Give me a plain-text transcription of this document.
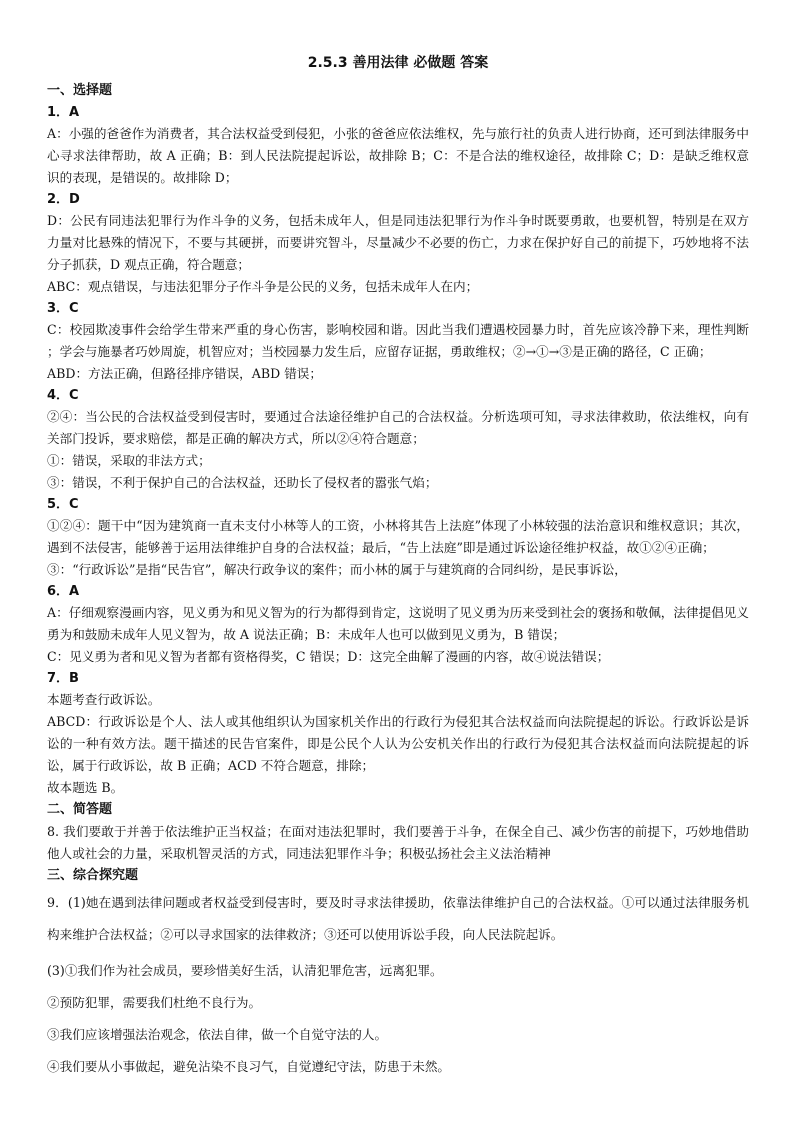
2.5.3 善用法律 必做题 答案
一、选择题
1．A

A：小强的爸爸作为消费者，其合法权益受到侵犯，小张的爸爸应依法维权，先与旅行社的负责人进行协商，还可到法律服务中心寻求法律帮助，故 A 正确；B：到人民法院提起诉讼，故排除 B；C：不是合法的维权途径，故排除 C；D：是缺乏维权意识的表现，是错误的。故排除 D；

2．D

D：公民有同违法犯罪行为作斗争的义务，包括未成年人，但是同违法犯罪行为作斗争时既要勇敢，也要机智，特别是在双方力量对比悬殊的情况下，不要与其硬拼，而要讲究智斗，尽量减少不必要的伤亡，力求在保护好自己的前提下，巧妙地将不法分子抓获，D 观点正确，符合题意；

ABC：观点错误，与违法犯罪分子作斗争是公民的义务，包括未成年人在内；

3．C

C：校园欺凌事件会给学生带来严重的身心伤害，影响校园和谐。因此当我们遭遇校园暴力时，首先应该冷静下来，理性判断 ；学会与施暴者巧妙周旋，机智应对；当校园暴力发生后，应留存证据，勇敢维权；②→①→③是正确的路径，C 正确；

ABD：方法正确，但路径排序错误，ABD 错误；

4．C

②④：当公民的合法权益受到侵害时，要通过合法途径维护自己的合法权益。分析选项可知，寻求法律救助，依法维权，向有关部门投诉，要求赔偿，都是正确的解决方式，所以②④符合题意；

①：错误，采取的非法方式；

③：错误，不利于保护自己的合法权益，还助长了侵权者的嚣张气焰；

5．C

①②④：题干中“因为建筑商一直未支付小林等人的工资，小林将其告上法庭”体现了小林较强的法治意识和维权意识；其次，遇到不法侵害，能够善于运用法律维护自身的合法权益；最后，“告上法庭”即是通过诉讼途径维护权益，故①②④正确；

③：“行政诉讼”是指“民告官”，解决行政争议的案件；而小林的属于与建筑商的合同纠纷，是民事诉讼，

6．A

A：仔细观察漫画内容，见义勇为和见义智为的行为都得到肯定，这说明了见义勇为历来受到社会的褒扬和敬佩，法律提倡见义勇为和鼓励未成年人见义智为，故 A 说法正确；B：未成年人也可以做到见义勇为，B 错误；

C：见义勇为者和见义智为者都有资格得奖，C 错误；D：这完全曲解了漫画的内容，故④说法错误；

7．B

本题考查行政诉讼。

ABCD：行政诉讼是个人、法人或其他组织认为国家机关作出的行政行为侵犯其合法权益而向法院提起的诉讼。行政诉讼是诉讼的一种有效方法。题干描述的民告官案件，即是公民个人认为公安机关作出的行政行为侵犯其合法权益而向法院提起的诉讼，属于行政诉讼，故 B 正确；ACD 不符合题意，排除；

故本题选 B。

二、简答题

8. 我们要敢于并善于依法维护正当权益；在面对违法犯罪时，我们要善于斗争，在保全自己、减少伤害的前提下，巧妙地借助他人或社会的力量，采取机智灵活的方式，同违法犯罪作斗争；积极弘扬社会主义法治精神

三、综合探究题

9．(1)她在遇到法律问题或者权益受到侵害时，要及时寻求法律援助，依靠法律维护自己的合法权益。①可以通过法律服务机构来维护合法权益；②可以寻求国家的法律救济；③还可以使用诉讼手段，向人民法院起诉。

(3)①我们作为社会成员，要珍惜美好生活，认清犯罪危害，远离犯罪。

②预防犯罪，需要我们杜绝不良行为。

③我们应该增强法治观念，依法自律，做一个自觉守法的人。

④我们要从小事做起，避免沾染不良习气，自觉遵纪守法，防患于未然。
